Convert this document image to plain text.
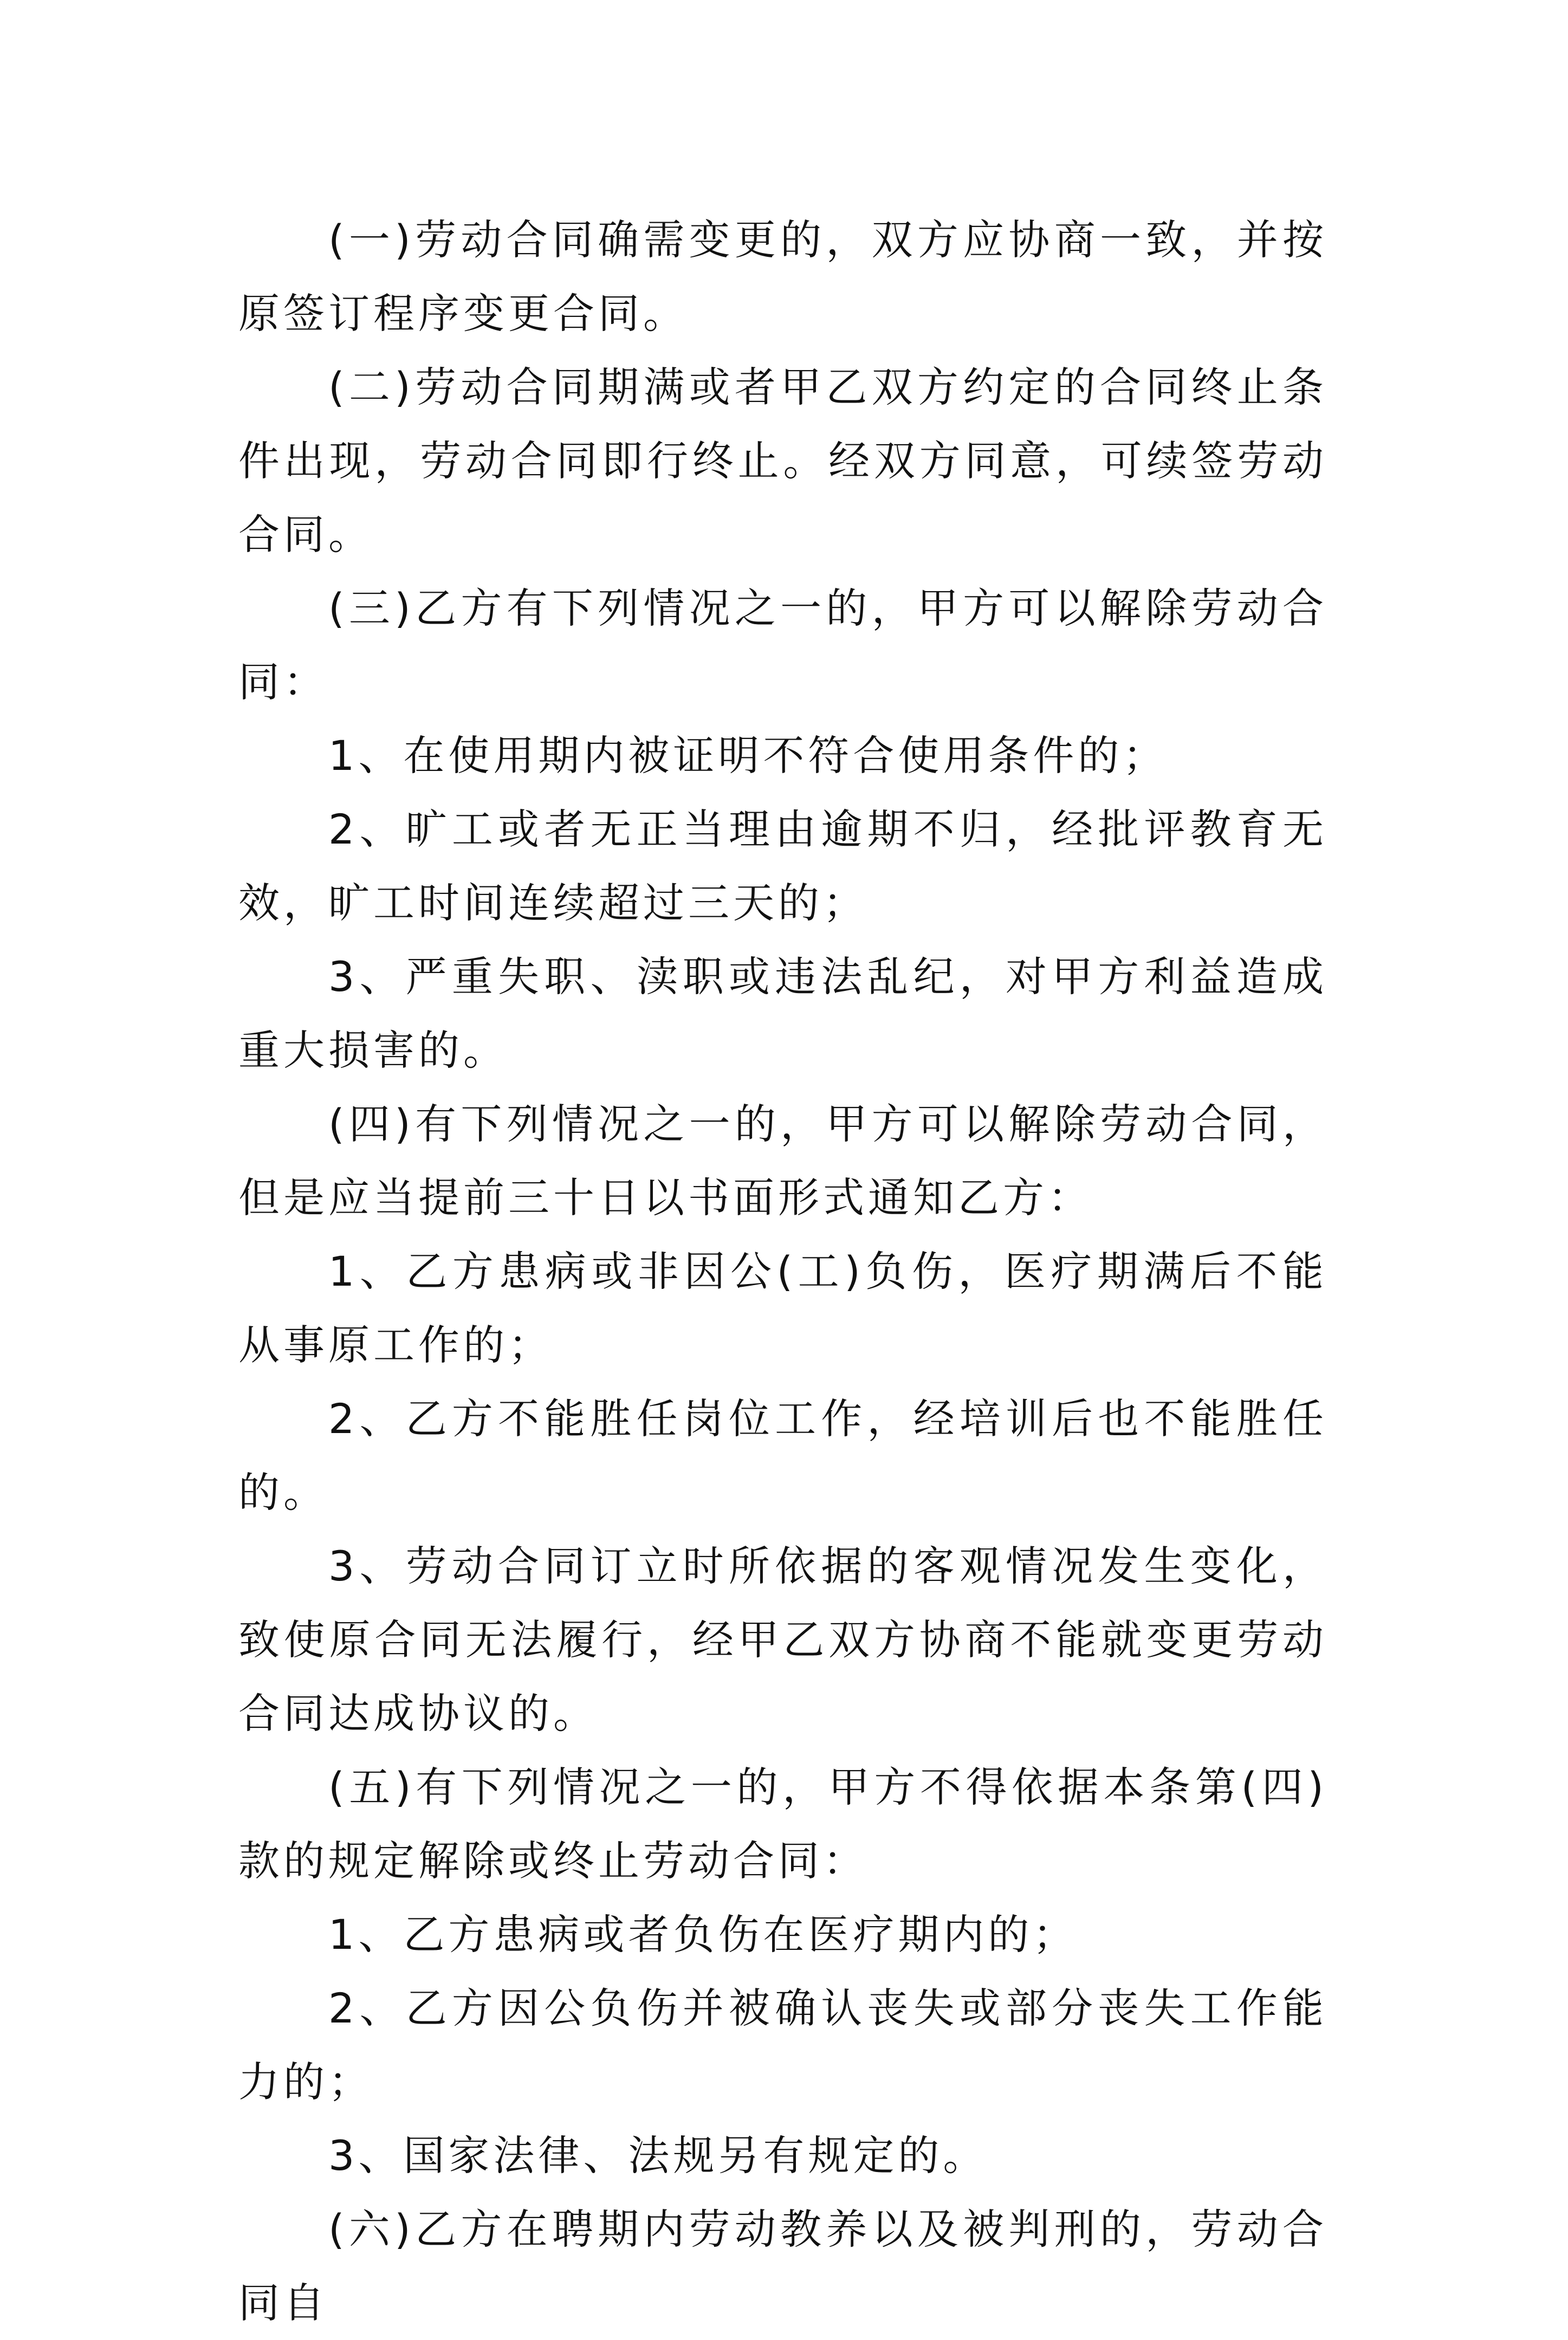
(一)劳动合同确需变更的，双方应协商一致，并按原签订程序变更合同。

(二)劳动合同期满或者甲乙双方约定的合同终止条件出现，劳动合同即行终止。经双方同意，可续签劳动合同。

(三)乙方有下列情况之一的，甲方可以解除劳动合同：

1、在使用期内被证明不符合使用条件的；

2、旷工或者无正当理由逾期不归，经批评教育无效，旷工时间连续超过三天的；

3、严重失职、渎职或违法乱纪，对甲方利益造成重大损害的。

(四)有下列情况之一的，甲方可以解除劳动合同，但是应当提前三十日以书面形式通知乙方：

1、乙方患病或非因公(工)负伤，医疗期满后不能从事原工作的；

2、乙方不能胜任岗位工作，经培训后也不能胜任的。

3、劳动合同订立时所依据的客观情况发生变化，致使原合同无法履行，经甲乙双方协商不能就变更劳动合同达成协议的。

(五)有下列情况之一的，甲方不得依据本条第(四)款的规定解除或终止劳动合同：

1、乙方患病或者负伤在医疗期内的；

2、乙方因公负伤并被确认丧失或部分丧失工作能力的；

3、国家法律、法规另有规定的。

(六)乙方在聘期内劳动教养以及被判刑的，劳动合同自
